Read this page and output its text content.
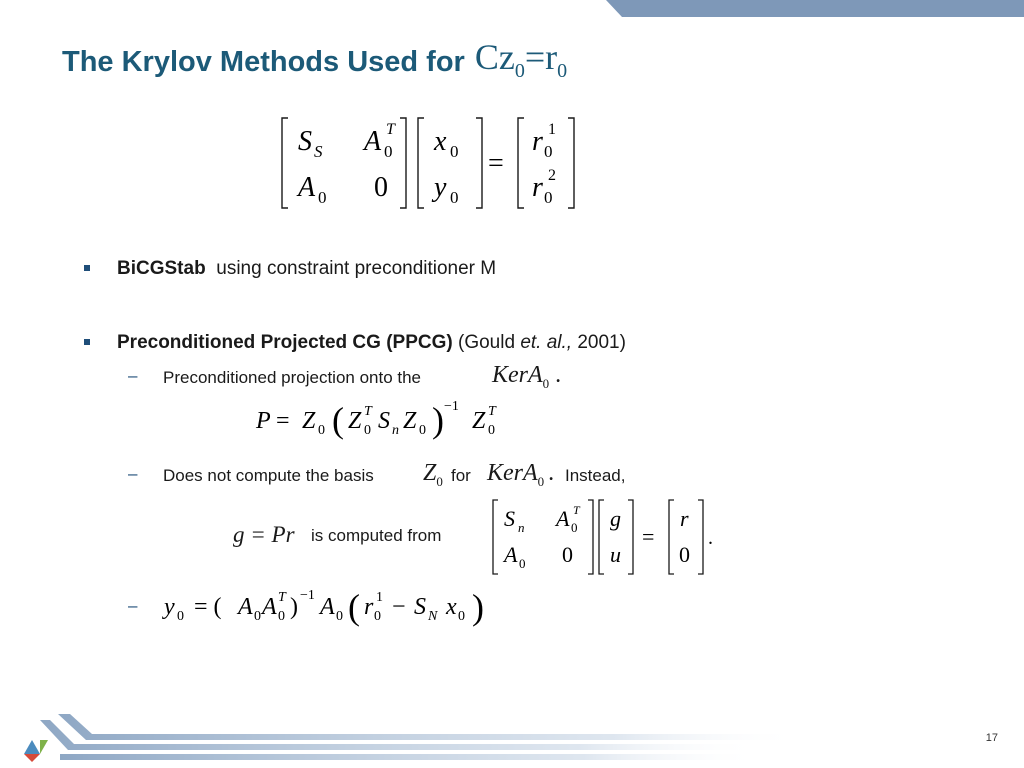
The Krylov Methods Used for $Cz_0=r_0$
S S A 0
T
A 0 0
x 0
y 0
=
r 0
1
r 0
2
BiCGStab using constraint preconditioner M
Preconditioned Projected CG (PPCG) (Gould et. al., 2001)
– Preconditioned projection onto the	KerA$_0$ .
P = Z 0 ( Z 0
T S n Z 0 ) −1
Z 0
T
– Does not compute the basis $Z_0$ for KerA$_0$ . Instead,
g = Pr is computed from
S n A 0
T
A 0 0
g
u
=
r
0
.
– y 0 = ( A 0 A 0
T ) −1 A 0 ( r 0
1 − S N x 0 )
17
